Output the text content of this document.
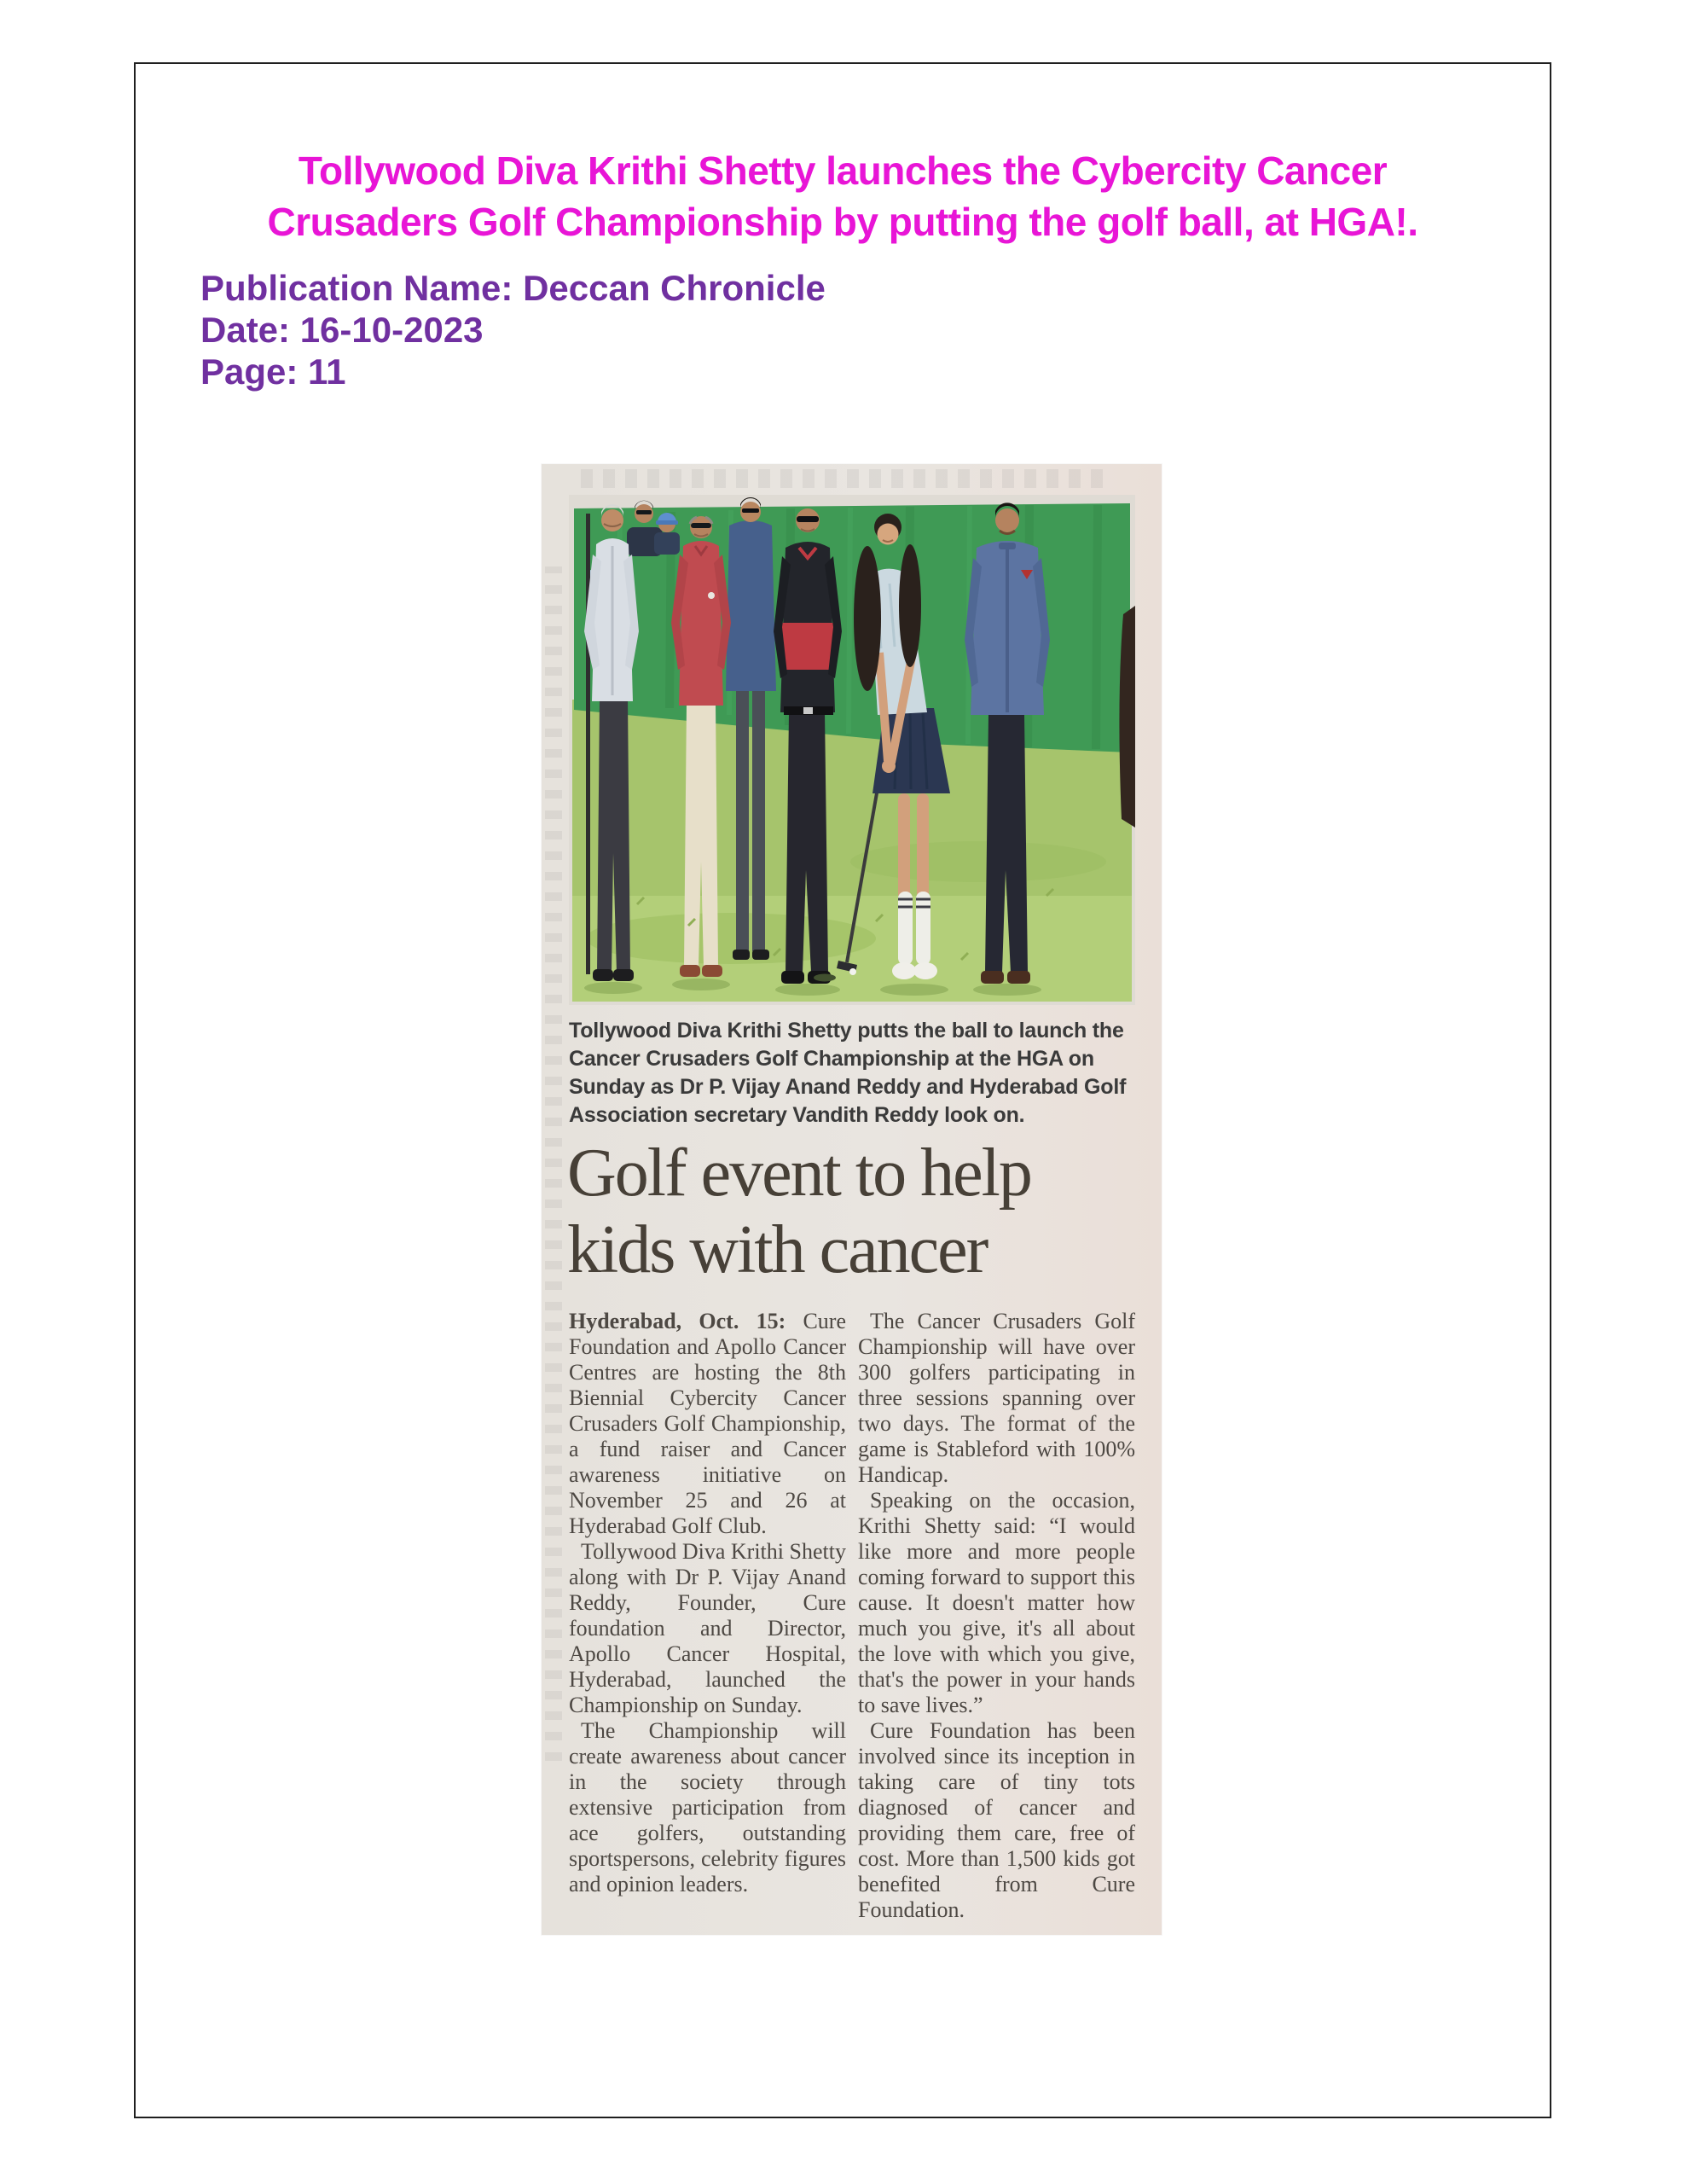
Tollywood Diva Krithi Shetty launches the Cybercity Cancer
Crusaders Golf Championship by putting the golf ball, at HGA!.
Publication Name: Deccan Chronicle
Date: 16-10-2023
Page: 11

Tollywood Diva Krithi Shetty putts the ball to launch the Cancer Crusaders Golf Championship at the HGA on Sunday as Dr P. Vijay Anand Reddy and Hyderabad Golf Association secretary Vandith Reddy look on.

Golf event to help
kids with cancer

Hyderabad, Oct. 15: Cure Foundation and Apollo Cancer Centres are hosting the 8th Biennial Cybercity Cancer Crusaders Golf Championship, a fund raiser and Cancer awareness initiative on November 25 and 26 at Hyderabad Golf Club.

Tollywood Diva Krithi Shetty along with Dr P. Vijay Anand Reddy, Founder, Cure foundation and Director, Apollo Cancer Hospital, Hyderabad, launched the Championship on Sunday.

The Championship will create awareness about cancer in the society through extensive participation from ace golfers, outstanding sportspersons, celebrity figures and opinion leaders.

The Cancer Crusaders Golf Championship will have over 300 golfers participating in three sessions spanning over two days. The format of the game is Stableford with 100% Handicap.

Speaking on the occasion, Krithi Shetty said: “I would like more and more people coming forward to support this cause. It doesn't matter how much you give, it's all about the love with which you give, that's the power in your hands to save lives.”

Cure Foundation has been involved since its inception in taking care of tiny tots diagnosed of cancer and providing them care, free of cost. More than 1,500 kids got benefited from Cure Foundation.
